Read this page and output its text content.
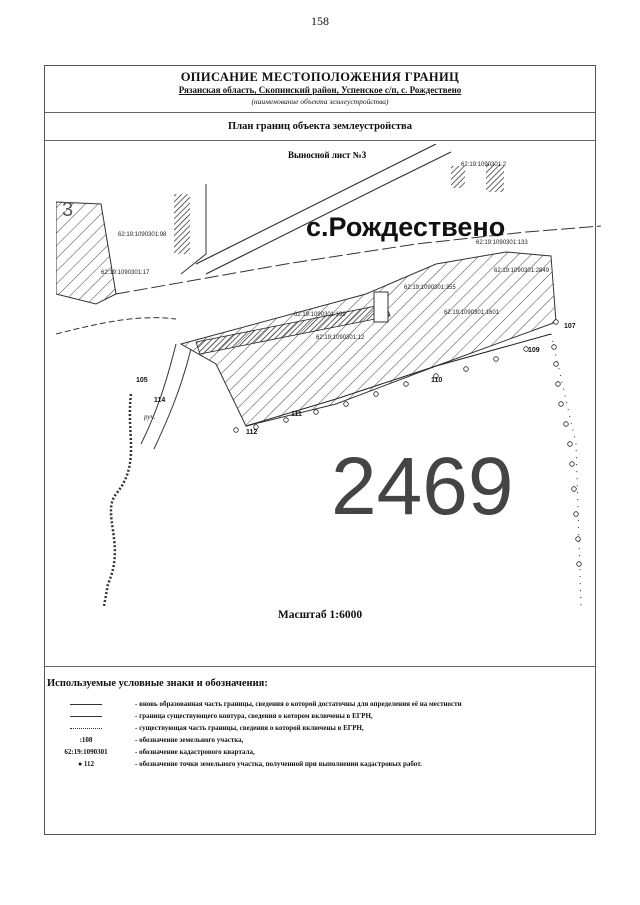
158
ОПИСАНИЕ МЕСТОПОЛОЖЕНИЯ ГРАНИЦ
Рязанская область, Скопинский район, Успенское с/п, с. Рождествено
(наименование объекта землеустройства)
План границ объекта землеустройства
Масштаб 1:6000
Используемые условные знаки и обозначения:
- вновь образованная часть границы, сведения о которой достаточны для определения её на местности
- граница существующего контура, сведения о котором включены в ЕГРН,
- существующая часть границы, сведения о которой включены в ЕГРН,
:108	- обозначение земельного участка,
62:19:1090301	- обозначение кадастрового квартала,
● 112	- обозначение точки земельного участка, полученной при выполнении кадастровых работ.
Выносной лист №3
с.Рождествено
3
2469
62:19:1090301:2
62:19:1090301:98
62:19:1090301:17
62:19:1090301:133
62:19:1090301:2849
62:19:1090301:355
62:19:1090301:1601
62:19:1090301:199
62:19:1090301:12
105
107
109
110
111
112
114
руч.
